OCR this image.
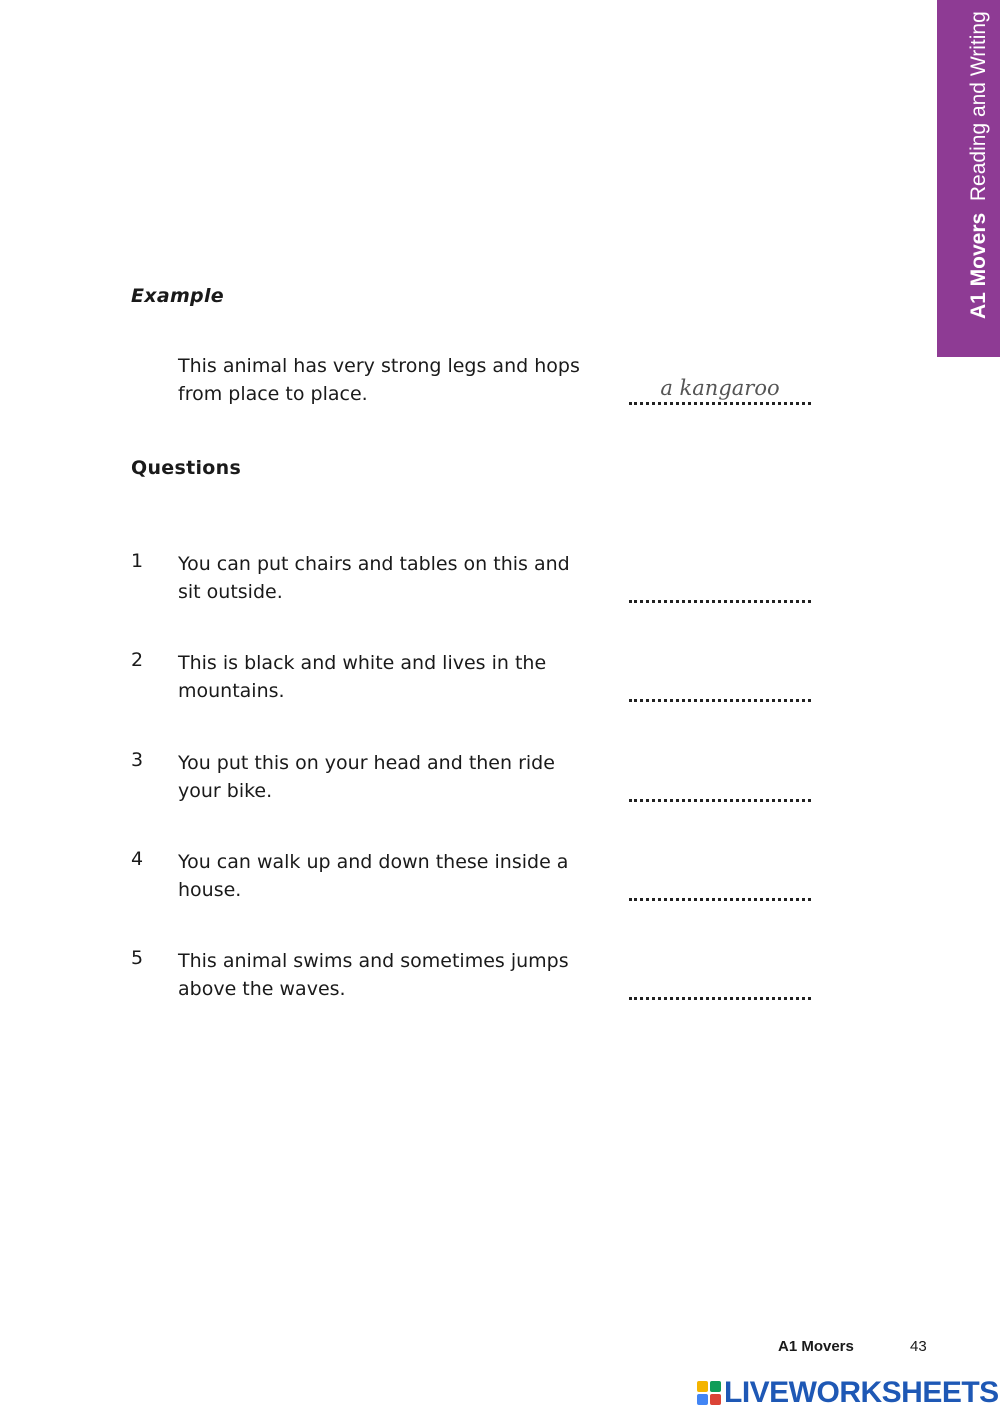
A1 Movers  Reading and Writing
Example
This animal has very strong legs and hops from place to place.	a kangaroo
Questions
1 You can put chairs and tables on this and sit outside.
2 This is black and white and lives in the mountains.
3 You put this on your head and then ride your bike.
4 You can walk up and down these inside a house.
5 This animal swims and sometimes jumps above the waves.
A1 Movers	43
LIVEWORKSHEETS
